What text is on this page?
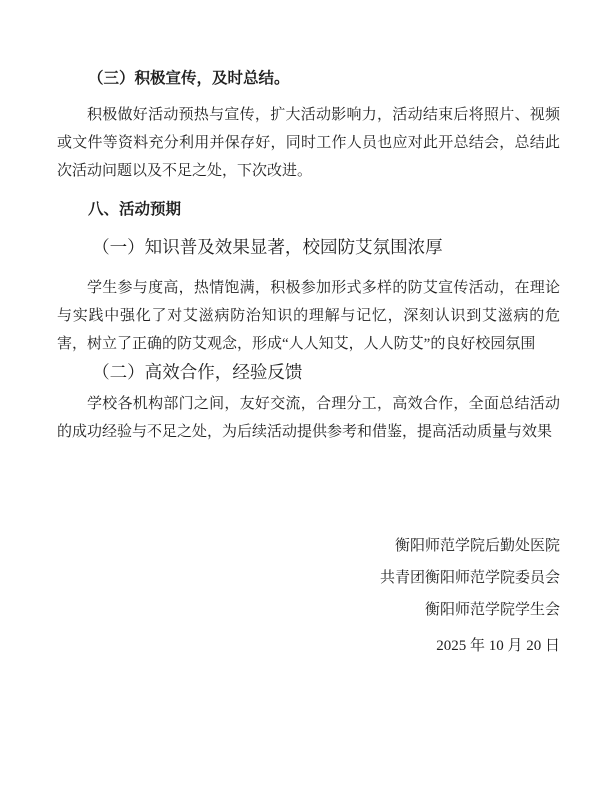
（三）积极宣传，及时总结。

积极做好活动预热与宣传，扩大活动影响力，活动结束后将照片、视频或文件等资料充分利用并保存好，同时工作人员也应对此开总结会，总结此次活动问题以及不足之处，下次改进。

八、活动预期
（一）知识普及效果显著，校园防艾氛围浓厚

学生参与度高，热情饱满，积极参加形式多样的防艾宣传活动，在理论与实践中强化了对艾滋病防治知识的理解与记忆，深刻认识到艾滋病的危害，树立了正确的防艾观念，形成“人人知艾，人人防艾”的良好校园氛围

（二）高效合作，经验反馈

学校各机构部门之间，友好交流，合理分工，高效合作，全面总结活动的成功经验与不足之处，为后续活动提供参考和借鉴，提高活动质量与效果

衡阳师范学院后勤处医院
共青团衡阳师范学院委员会
衡阳师范学院学生会
2025 年 10 月 20 日
